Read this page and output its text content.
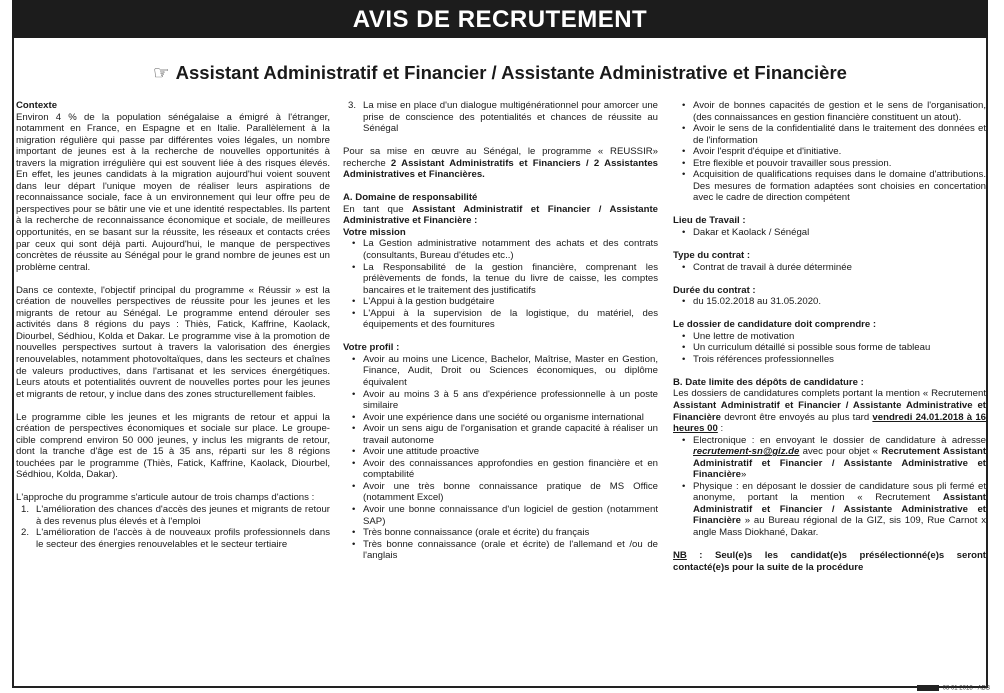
AVIS DE RECRUTEMENT
☞ Assistant Administratif et Financier / Assistante Administrative et Financière
Contexte
Environ 4 % de la population sénégalaise a émigré à l'étranger, notamment en France, en Espagne et en Italie. Parallèlement à la migration régulière qui passe par différentes voies légales, un nombre important de jeunes est à la recherche de nouvelles opportunités à travers la migration irrégulière qui est souvent liée à des risques élevés. En effet, les jeunes candidats à la migration aujourd'hui voient souvent dans leur départ l'unique moyen de réaliser leurs aspirations de reconnaissance sociale, face à un environnement qui leur offre peu de perspectives pour se bâtir une vie et une identité respectables. Ils partent à la recherche de reconnaissance économique et sociale, de meilleures opportunités, en se basant sur la réussite, les réseaux et contacts crées par ceux qui sont déjà parti. Aujourd'hui, le manque de perspectives concrètes de réussite au Sénégal pour le grand nombre de jeunes est un problème central.
Dans ce contexte, l'objectif principal du programme « Réussir » est la création de nouvelles perspectives de réussite pour les jeunes et les migrants de retour au Sénégal. Le programme entend dérouler ses activités dans 8 régions du pays : Thiès, Fatick, Kaffrine, Kaolack, Diourbel, Sédhiou, Kolda et Dakar. Le programme vise à la promotion de nouvelles perspectives surtout à travers la valorisation des énergies renouvelables, notamment photovoltaïques, dans les secteurs et chaînes de valeurs productives, dans l'artisanat et les services énergétiques. Leurs atouts et potentialités ouvrent de nouvelles portes pour les jeunes et migrants de retour, y inclue dans des zones structurellement faibles.
Le programme cible les jeunes et les migrants de retour et appui la création de perspectives économiques et sociale sur place. Le groupe-cible comprend environ 50 000 jeunes, y inclus les migrants de retour, dont la tranche d'âge est de 15 à 35 ans, réparti sur les 8 régions touchées par le programme (Thiès, Fatick, Kaffrine, Kaolack, Diourbel, Sédhiou, Kolda, Dakar).
L'approche du programme s'articule autour de trois champs d'actions :
1. L'amélioration des chances d'accès des jeunes et migrants de retour à des revenus plus élevés et à l'emploi
2. L'amélioration de l'accès à de nouveaux profils professionnels dans le secteur des énergies renouvelables et le secteur tertiaire
3. La mise en place d'un dialogue multigénérationnel pour amorcer une prise de conscience des potentialités et chances de réussite au Sénégal
Pour sa mise en œuvre au Sénégal, le programme « REUSSIR» recherche 2 Assistant Administratifs et Financiers / 2 Assistantes Administratives et Financières.
A. Domaine de responsabilité
En tant que Assistant Administratif et Financier / Assistante Administrative et Financière :
Votre mission
• La Gestion administrative notamment des achats et des contrats (consultants, Bureau d'études etc..)
• La Responsabilité de la gestion financière, comprenant les prélèvements de fonds, la tenue du livre de caisse, les comptes bancaires et le traitement des justificatifs
• L'Appui à la gestion budgétaire
• L'Appui à la supervision de la logistique, du matériel, des équipements et des fournitures
Votre profil :
• Avoir au moins une Licence, Bachelor, Maîtrise, Master en Gestion, Finance, Audit, Droit ou Sciences économiques, ou diplôme équivalent
• Avoir au moins 3 à 5 ans d'expérience professionnelle à un poste similaire
• Avoir une expérience dans une société ou organisme international
• Avoir un sens aigu de l'organisation et grande capacité à réaliser un travail autonome
• Avoir une attitude proactive
• Avoir des connaissances approfondies en gestion financière et en comptabilité
• Avoir une très bonne connaissance pratique de MS Office (notamment Excel)
• Avoir une bonne connaissance d'un logiciel de gestion (notamment SAP)
• Très bonne connaissance (orale et écrite) du français
• Très bonne connaissance (orale et écrite) de l'allemand et /ou de l'anglais
• Avoir de bonnes capacités de gestion et le sens de l'organisation, (des connaissances en gestion financière constituent un atout).
• Avoir le sens de la confidentialité dans le traitement des données et de l'information
• Avoir l'esprit d'équipe et d'initiative.
• Etre flexible et pouvoir travailler sous pression.
• Acquisition de qualifications requises dans le domaine d'attributions. Des mesures de formation adaptées sont choisies en concertation avec le cadre de direction compétent
Lieu de Travail :
• Dakar et Kaolack / Sénégal
Type du contrat :
• Contrat de travail à durée déterminée
Durée du contrat :
• du 15.02.2018 au 31.05.2020.
Le dossier de candidature doit comprendre :
• Une lettre de motivation
• Un curriculum détaillé si possible sous forme de tableau
• Trois références professionnelles
B. Date limite des dépôts de candidature :
Les dossiers de candidatures complets portant la mention « Recrutement Assistant Administratif et Financier / Assistante Administrative et Financière devront être envoyés au plus tard vendredi 24.01.2018 à 16 heures 00 :
• Electronique : en envoyant le dossier de candidature à adresse recrutement-sn@giz.de avec pour objet « Recrutement Assistant Administratif et Financier / Assistante Administrative et Financière»
• Physique : en déposant le dossier de candidature sous pli fermé et anonyme, portant la mention « Recrutement Assistant Administratif et Financier / Assistante Administrative et Financière » au Bureau régional de la GIZ, sis 109, Rue Carnot x angle Mass Diokhané, Dakar.
NB : Seul(e)s les candidat(e)s présélectionné(e)s seront contacté(e)s pour la suite de la procédure
08 01 2018 · ADB
